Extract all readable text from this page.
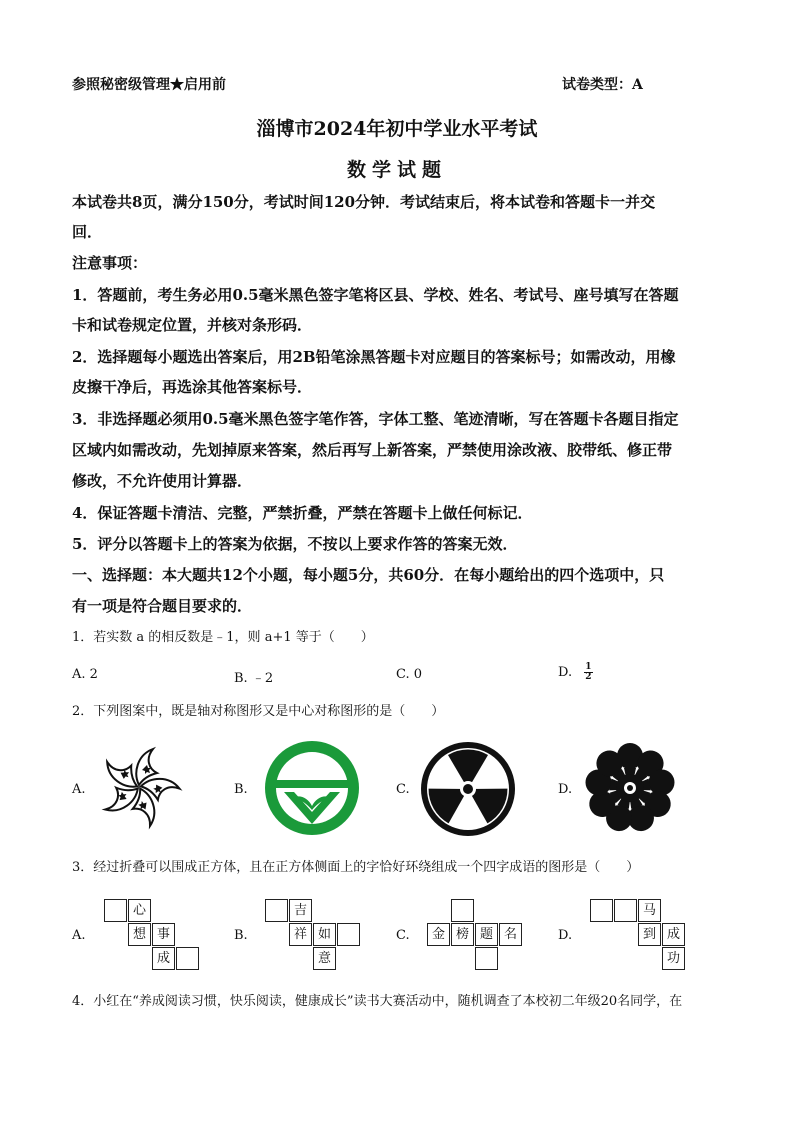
参照秘密级管理★启用前	试卷类型：A
淄博市2024年初中学业水平考试
数学试题
本试卷共8页，满分150分，考试时间120分钟．考试结束后，将本试卷和答题卡一并交
回．
注意事项：
1．答题前，考生务必用0.5毫米黑色签字笔将区县、学校、姓名、考试号、座号填写在答题
卡和试卷规定位置，并核对条形码．
2．选择题每小题选出答案后，用2B铅笔涂黑答题卡对应题目的答案标号；如需改动，用橡
皮擦干净后，再选涂其他答案标号．
3．非选择题必须用0.5毫米黑色签字笔作答，字体工整、笔迹清晰，写在答题卡各题目指定
区域内如需改动，先划掉原来答案，然后再写上新答案，严禁使用涂改液、胶带纸、修正带
修改，不允许使用计算器．
4．保证答题卡清洁、完整，严禁折叠，严禁在答题卡上做任何标记．
5．评分以答题卡上的答案为依据，不按以上要求作答的答案无效．
一、选择题：本大题共12个小题，每小题5分，共60分．在每小题给出的四个选项中，只
有一项是符合题目要求的．
1．若实数 a 的相反数是﹣1，则 a+1 等于（　　）
A. 2	B. ﹣2	C. 0	D. $\frac{1}{2}$
2．下列图案中，既是轴对称图形又是中心对称图形的是（　　）
A.	B.	C.	D.
3．经过折叠可以围成正方体，且在正方体侧面上的字恰好环绕组成一个四字成语的图形是（　　）
A.	B.	C.	D.
心
想 事
成
吉
祥 如
意
金 榜 题 名
马
到 成
功
4．小红在“养成阅读习惯，快乐阅读，健康成长”读书大赛活动中，随机调查了本校初二年级20名同学，在
